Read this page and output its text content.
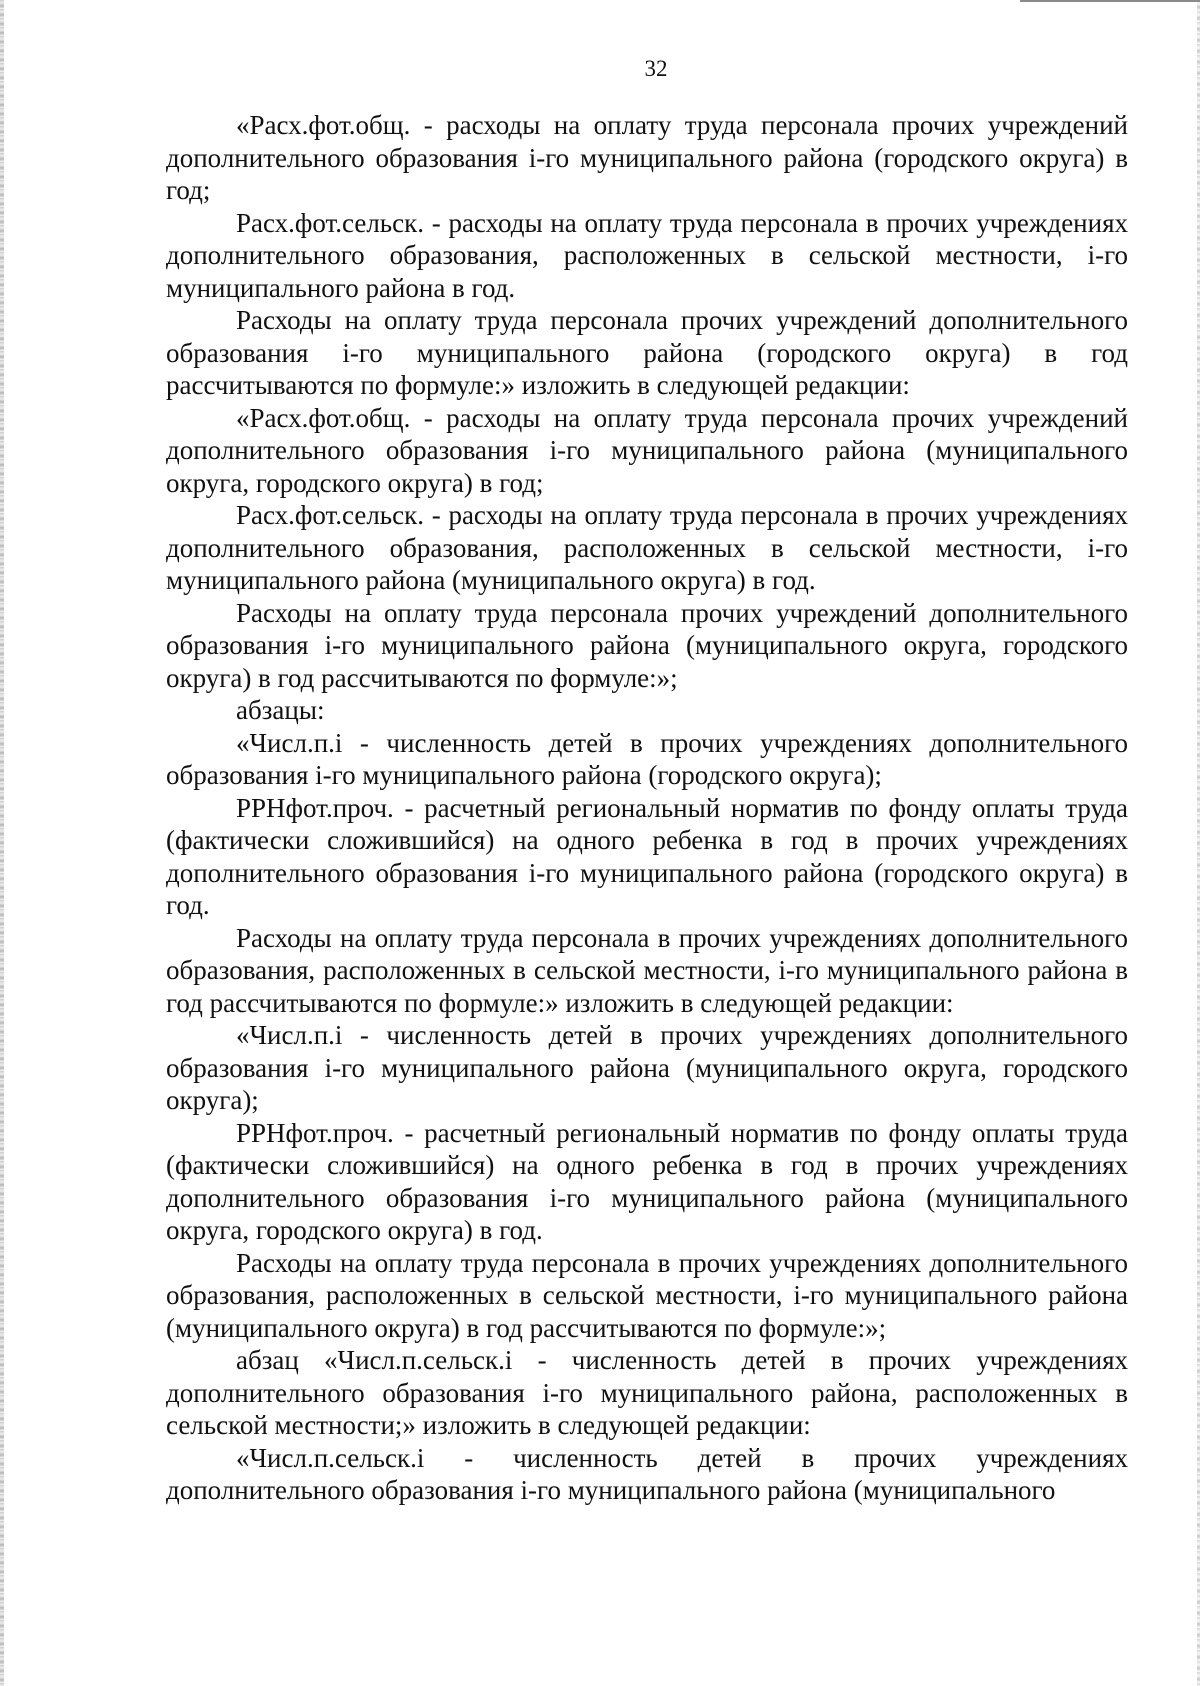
32

«Расх.фот.общ. - расходы на оплату труда персонала прочих учреждений дополнительного образования i-го муниципального района (городского округа) в год;

Расх.фот.сельск. - расходы на оплату труда персонала в прочих учреждениях дополнительного образования, расположенных в сельской местности, i-го муниципального района в год.

Расходы на оплату труда персонала прочих учреждений дополнительного образования i-го муниципального района (городского округа) в год рассчитываются по формуле:» изложить в следующей редакции:

«Расх.фот.общ. - расходы на оплату труда персонала прочих учреждений дополнительного образования i-го муниципального района (муниципального округа, городского округа) в год;

Расх.фот.сельск. - расходы на оплату труда персонала в прочих учреждениях дополнительного образования, расположенных в сельской местности, i-го муниципального района (муниципального округа) в год.

Расходы на оплату труда персонала прочих учреждений дополнительного образования i-го муниципального района (муниципального округа, городского округа) в год рассчитываются по формуле:»;

абзацы:

«Числ.п.i - численность детей в прочих учреждениях дополнительного образования i-го муниципального района (городского округа);

РРНфот.проч. - расчетный региональный норматив по фонду оплаты труда (фактически сложившийся) на одного ребенка в год в прочих учреждениях дополнительного образования i-го муниципального района (городского округа) в год.

Расходы на оплату труда персонала в прочих учреждениях дополнительного образования, расположенных в сельской местности, i-го муниципального района в год рассчитываются по формуле:» изложить в следующей редакции:

«Числ.п.i - численность детей в прочих учреждениях дополнительного образования i-го муниципального района (муниципального округа, городского округа);

РРНфот.проч. - расчетный региональный норматив по фонду оплаты труда (фактически сложившийся) на одного ребенка в год в прочих учреждениях дополнительного образования i-го муниципального района (муниципального округа, городского округа) в год.

Расходы на оплату труда персонала в прочих учреждениях дополнительного образования, расположенных в сельской местности, i-го муниципального района (муниципального округа) в год рассчитываются по формуле:»;

абзац «Числ.п.сельск.i - численность детей в прочих учреждениях дополнительного образования i-го муниципального района, расположенных в сельской местности;» изложить в следующей редакции:

«Числ.п.сельск.i - численность детей в прочих учреждениях дополнительного образования i-го муниципального района (муниципального
